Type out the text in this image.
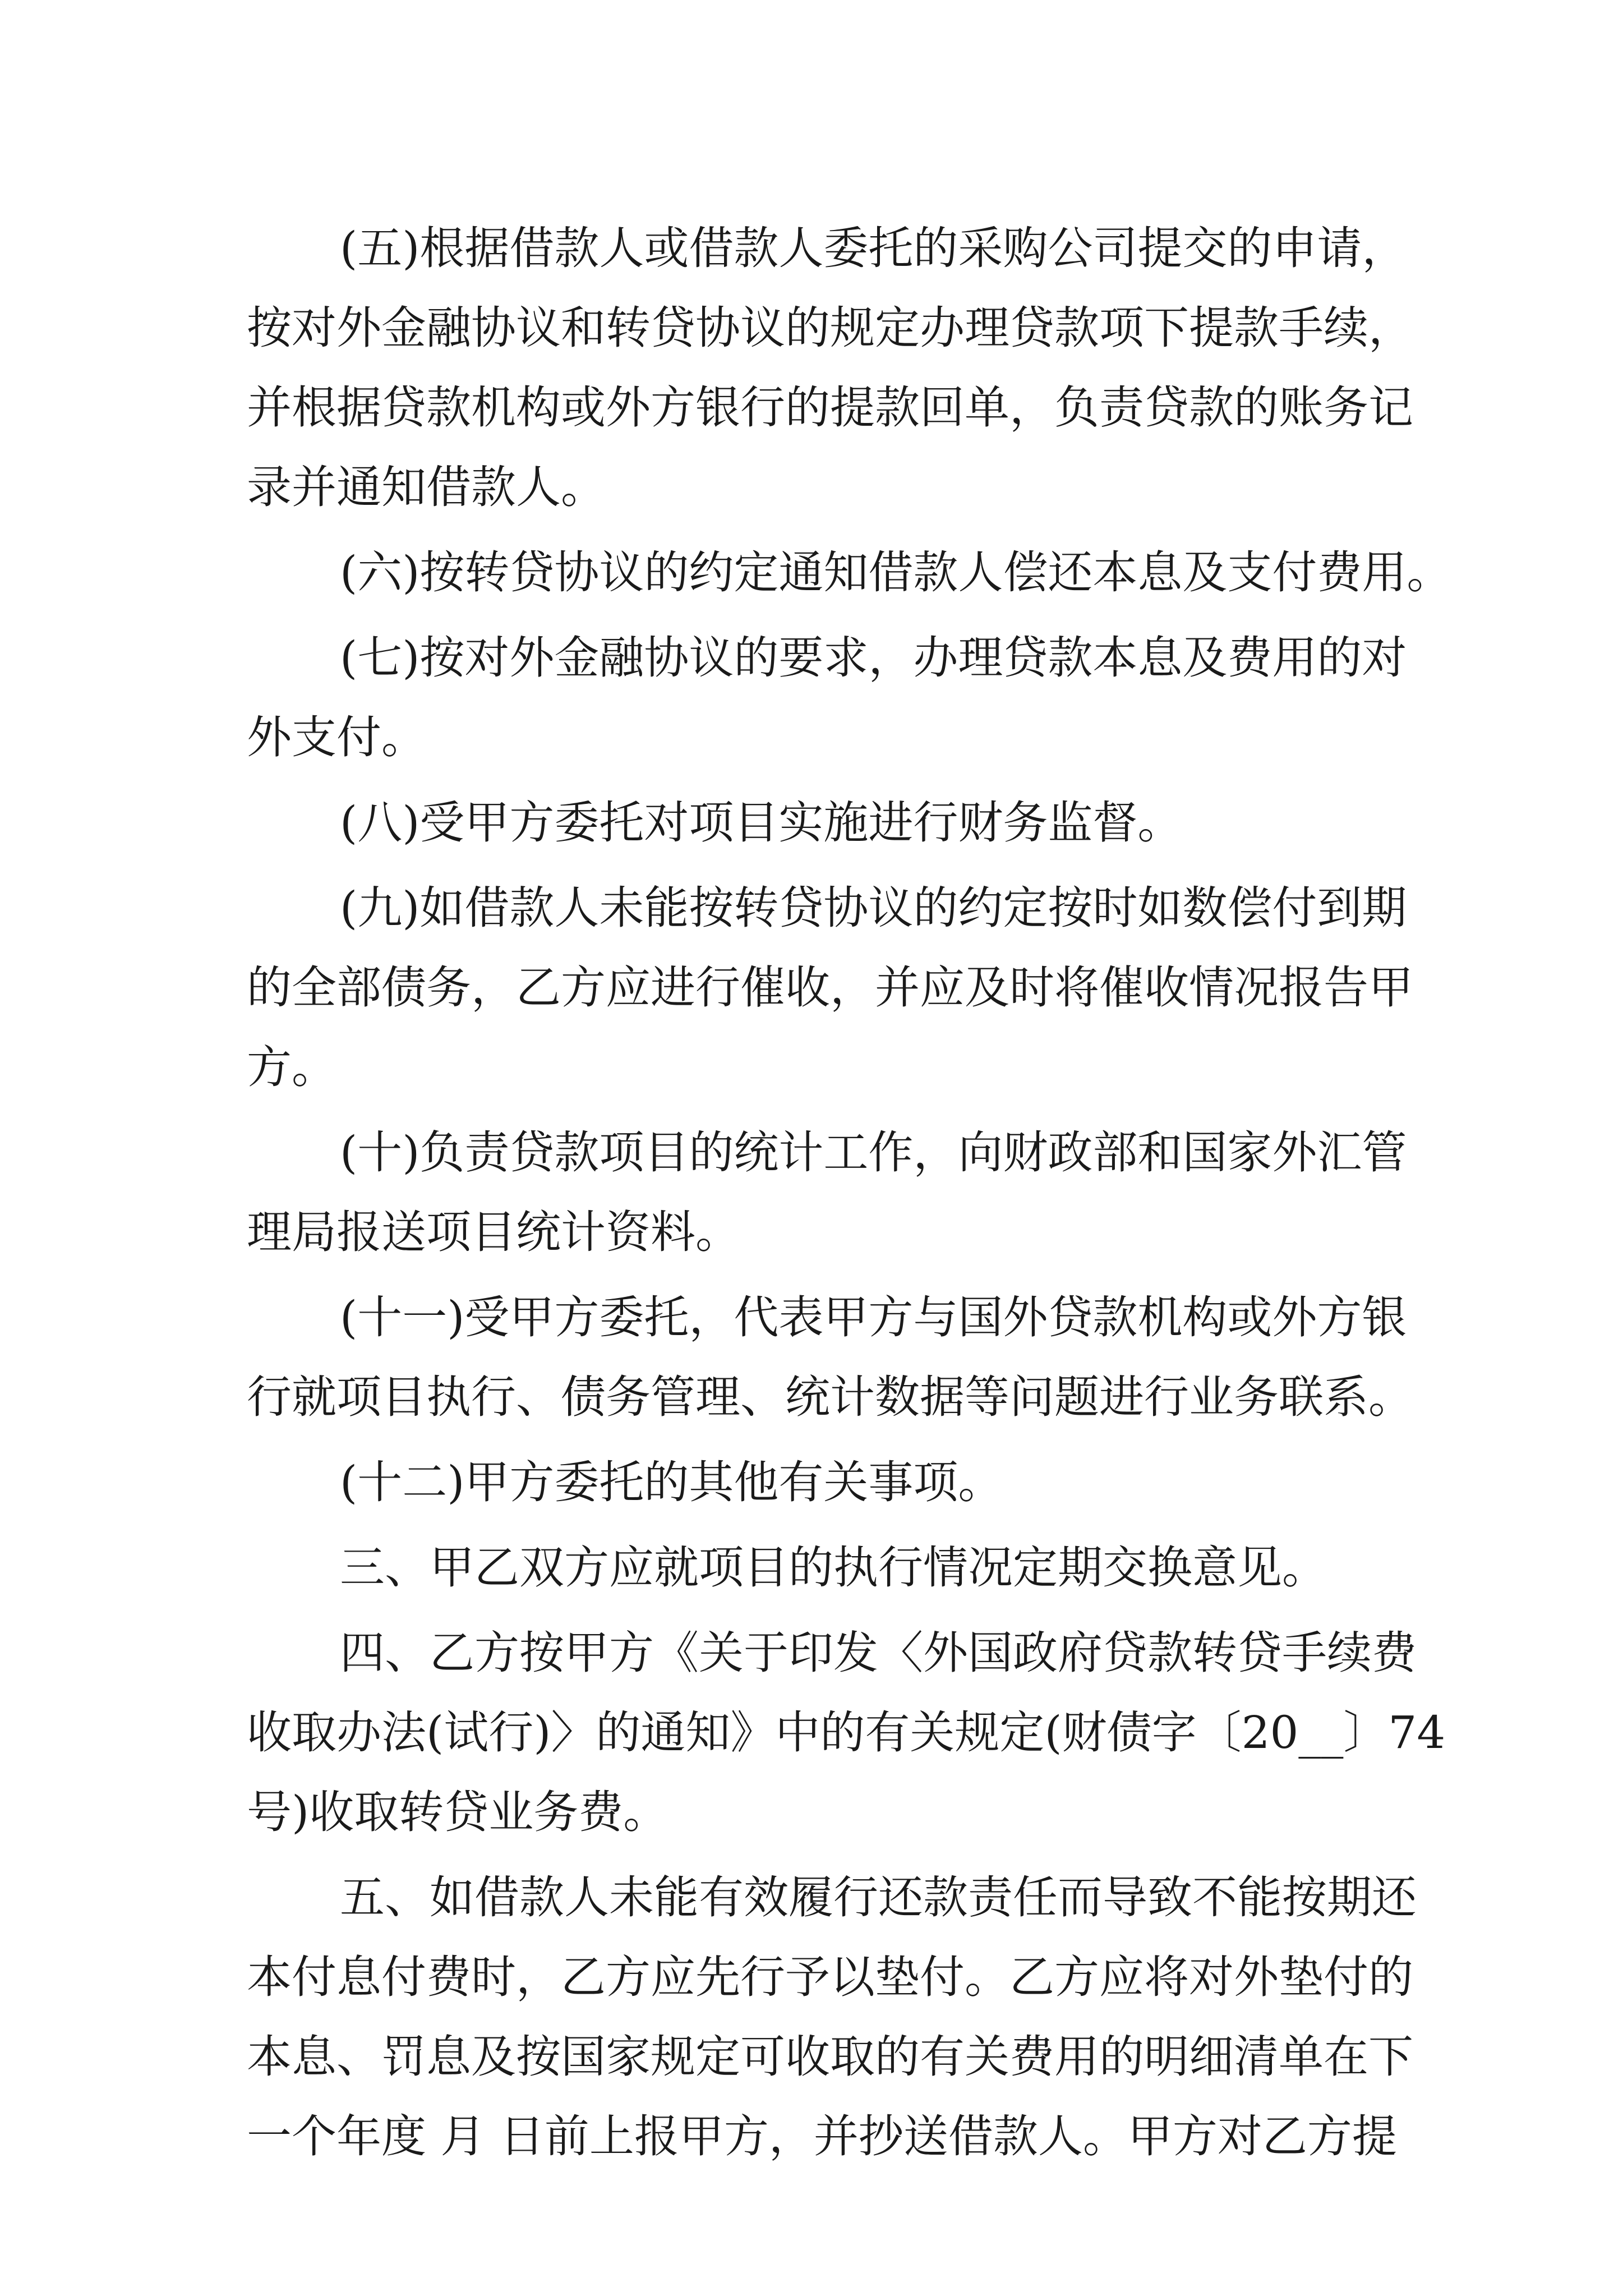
(五)根据借款人或借款人委托的采购公司提交的申请，
按对外金融协议和转贷协议的规定办理贷款项下提款手续，
并根据贷款机构或外方银行的提款回单，负责贷款的账务记
录并通知借款人。
(六)按转贷协议的约定通知借款人偿还本息及支付费用。
(七)按对外金融协议的要求，办理贷款本息及费用的对
外支付。
(八)受甲方委托对项目实施进行财务监督。
(九)如借款人未能按转贷协议的约定按时如数偿付到期
的全部债务，乙方应进行催收，并应及时将催收情况报告甲
方。
(十)负责贷款项目的统计工作，向财政部和国家外汇管
理局报送项目统计资料。
(十一)受甲方委托，代表甲方与国外贷款机构或外方银
行就项目执行、债务管理、统计数据等问题进行业务联系。
(十二)甲方委托的其他有关事项。
三、甲乙双方应就项目的执行情况定期交换意见。
四、乙方按甲方《关于印发〈外国政府贷款转贷手续费
收取办法(试行)〉的通知》中的有关规定(财债字〔20__〕74
号)收取转贷业务费。
五、如借款人未能有效履行还款责任而导致不能按期还
本付息付费时，乙方应先行予以垫付。乙方应将对外垫付的
本息、罚息及按国家规定可收取的有关费用的明细清单在下
一个年度 月 日前上报甲方，并抄送借款人。甲方对乙方提
